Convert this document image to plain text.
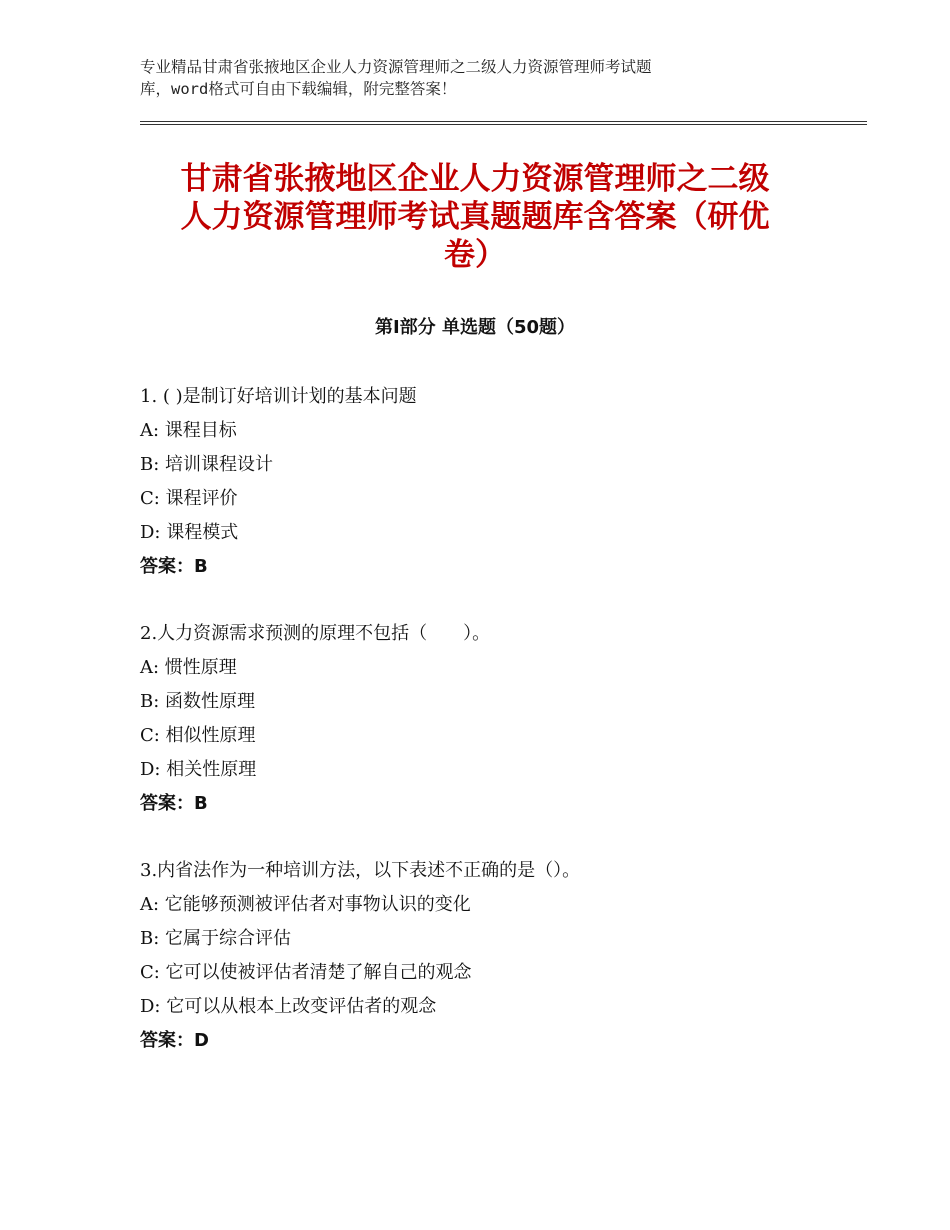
专业精品甘肃省张掖地区企业人力资源管理师之二级人力资源管理师考试题
库，word格式可自由下载编辑，附完整答案！
甘肃省张掖地区企业人力资源管理师之二级
人力资源管理师考试真题题库含答案（研优
卷）
第Ⅰ部分 单选题（50题）
1. ( )是制订好培训计划的基本问题
A: 课程目标
B: 培训课程设计
C: 课程评价
D: 课程模式
答案：B
2.人力资源需求预测的原理不包括（　　）。
A: 惯性原理
B: 函数性原理
C: 相似性原理
D: 相关性原理
答案：B
3.内省法作为一种培训方法，以下表述不正确的是（）。
A: 它能够预测被评估者对事物认识的变化
B: 它属于综合评估
C: 它可以使被评估者清楚了解自己的观念
D: 它可以从根本上改变评估者的观念
答案：D
